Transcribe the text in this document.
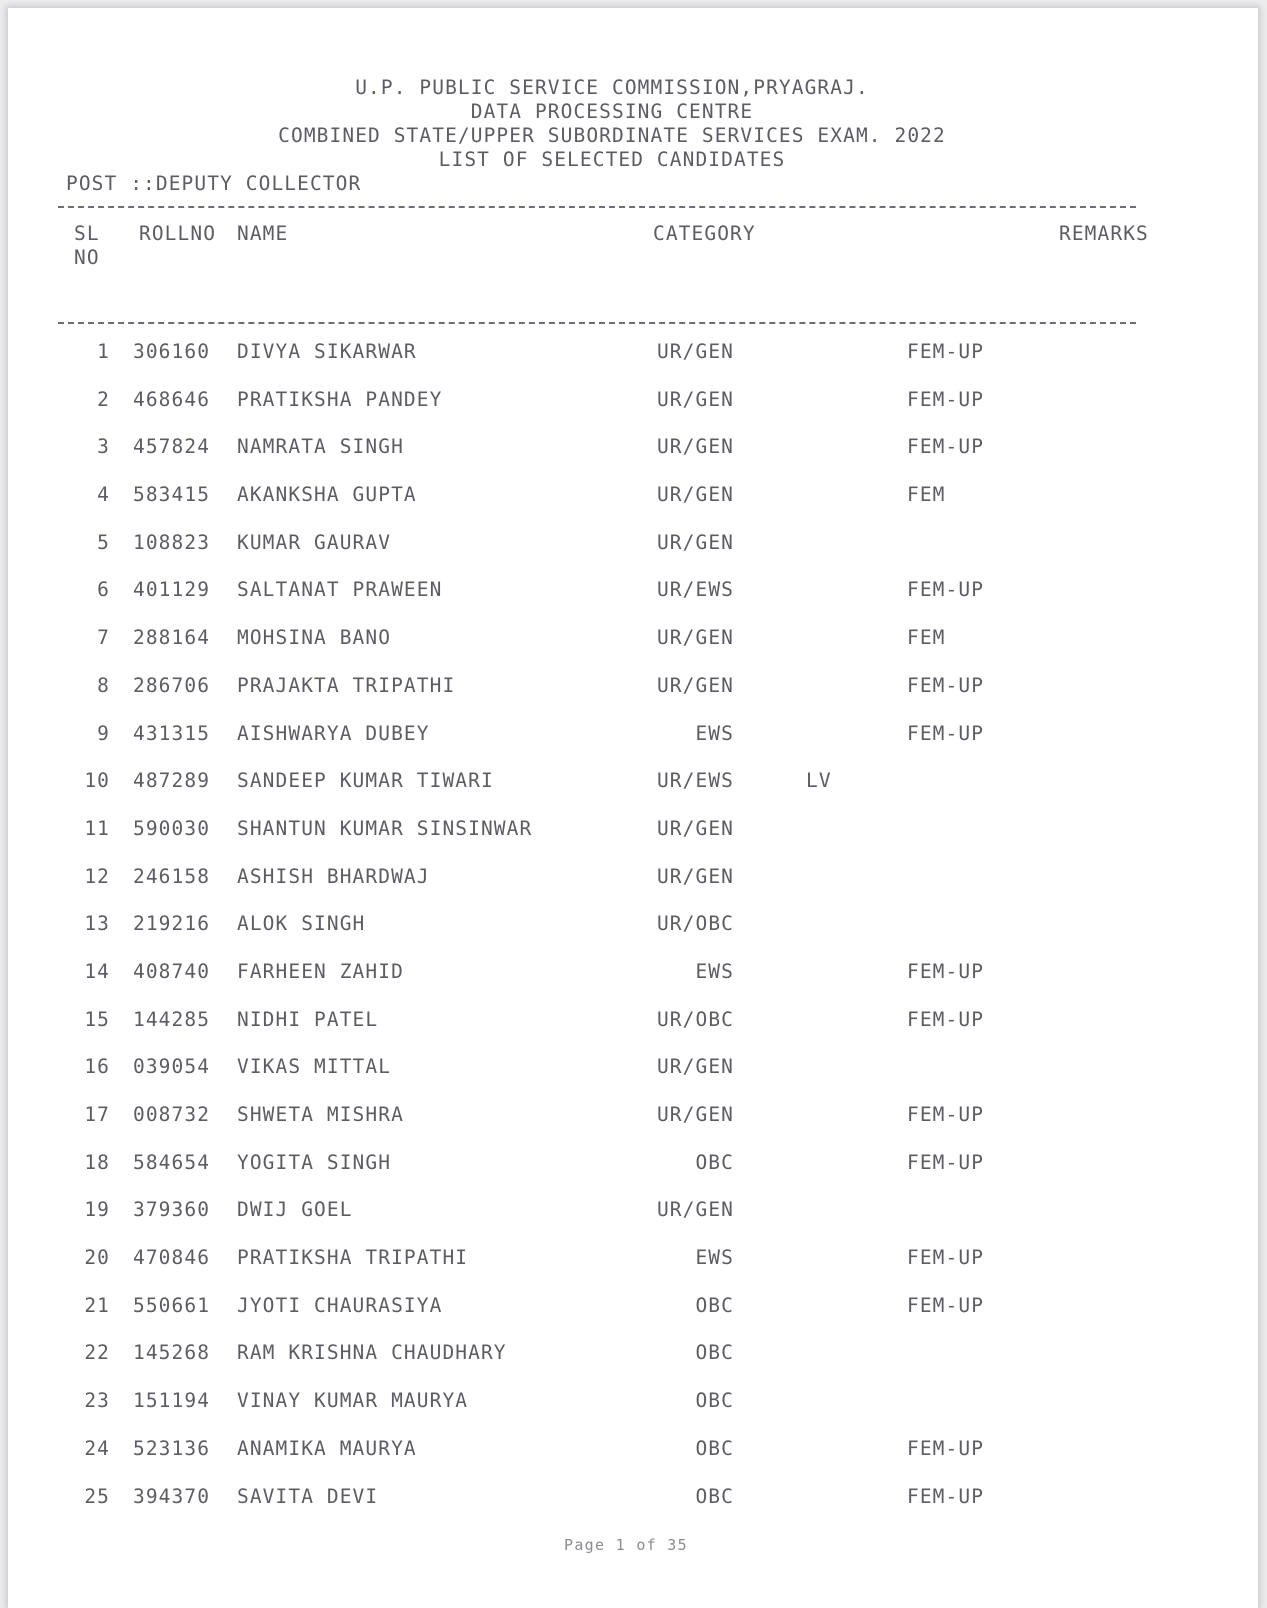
U.P. PUBLIC SERVICE COMMISSION,PRYAGRAJ.
DATA PROCESSING CENTRE
COMBINED STATE/UPPER SUBORDINATE SERVICES EXAM. 2022
LIST OF SELECTED CANDIDATES
POST ::DEPUTY COLLECTOR
SL
NO
ROLLNO NAME	CATEGORY	REMARKS
1 306160 DIVYA SIKARWAR	UR/GEN	FEM-UP
2 468646 PRATIKSHA PANDEY	UR/GEN	FEM-UP
3 457824 NAMRATA SINGH	UR/GEN	FEM-UP
4 583415 AKANKSHA GUPTA	UR/GEN	FEM
5 108823 KUMAR GAURAV	UR/GEN
6 401129 SALTANAT PRAWEEN	UR/EWS	FEM-UP
7 288164 MOHSINA BANO	UR/GEN	FEM
8 286706 PRAJAKTA TRIPATHI	UR/GEN	FEM-UP
9 431315 AISHWARYA DUBEY	EWS	FEM-UP
10 487289 SANDEEP KUMAR TIWARI	UR/EWS	LV
11 590030 SHANTUN KUMAR SINSINWAR	UR/GEN
12 246158 ASHISH BHARDWAJ	UR/GEN
13 219216 ALOK SINGH	UR/OBC
14 408740 FARHEEN ZAHID	EWS	FEM-UP
15 144285 NIDHI PATEL	UR/OBC	FEM-UP
16 039054 VIKAS MITTAL	UR/GEN
17 008732 SHWETA MISHRA	UR/GEN	FEM-UP
18 584654 YOGITA SINGH	OBC	FEM-UP
19 379360 DWIJ GOEL	UR/GEN
20 470846 PRATIKSHA TRIPATHI	EWS	FEM-UP
21 550661 JYOTI CHAURASIYA	OBC	FEM-UP
22 145268 RAM KRISHNA CHAUDHARY	OBC
23 151194 VINAY KUMAR MAURYA	OBC
24 523136 ANAMIKA MAURYA	OBC	FEM-UP
25 394370 SAVITA DEVI	OBC	FEM-UP
Page 1 of 35
